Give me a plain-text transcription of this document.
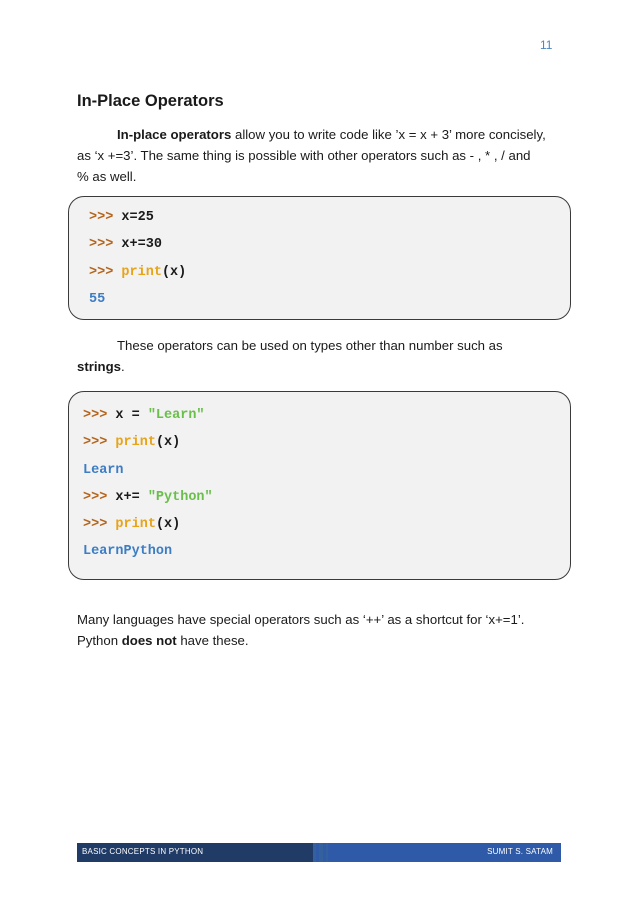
11
In-Place Operators

In-place operators allow you to write code like ’x = x + 3’ more concisely,
as ‘x +=3’. The same thing is possible with other operators such as - , * , / and
% as well.

>>> x=25
>>> x+=30
>>> print(x)
55

These operators can be used on types other than number such as
strings.

>>> x = "Learn"
>>> print(x)
Learn
>>> x+= "Python"
>>> print(x)
LearnPython

Many languages have special operators such as ‘++’ as a shortcut for ‘x+=1’.
Python does not have these.

BASIC CONCEPTS IN PYTHON	SUMIT S. SATAM
